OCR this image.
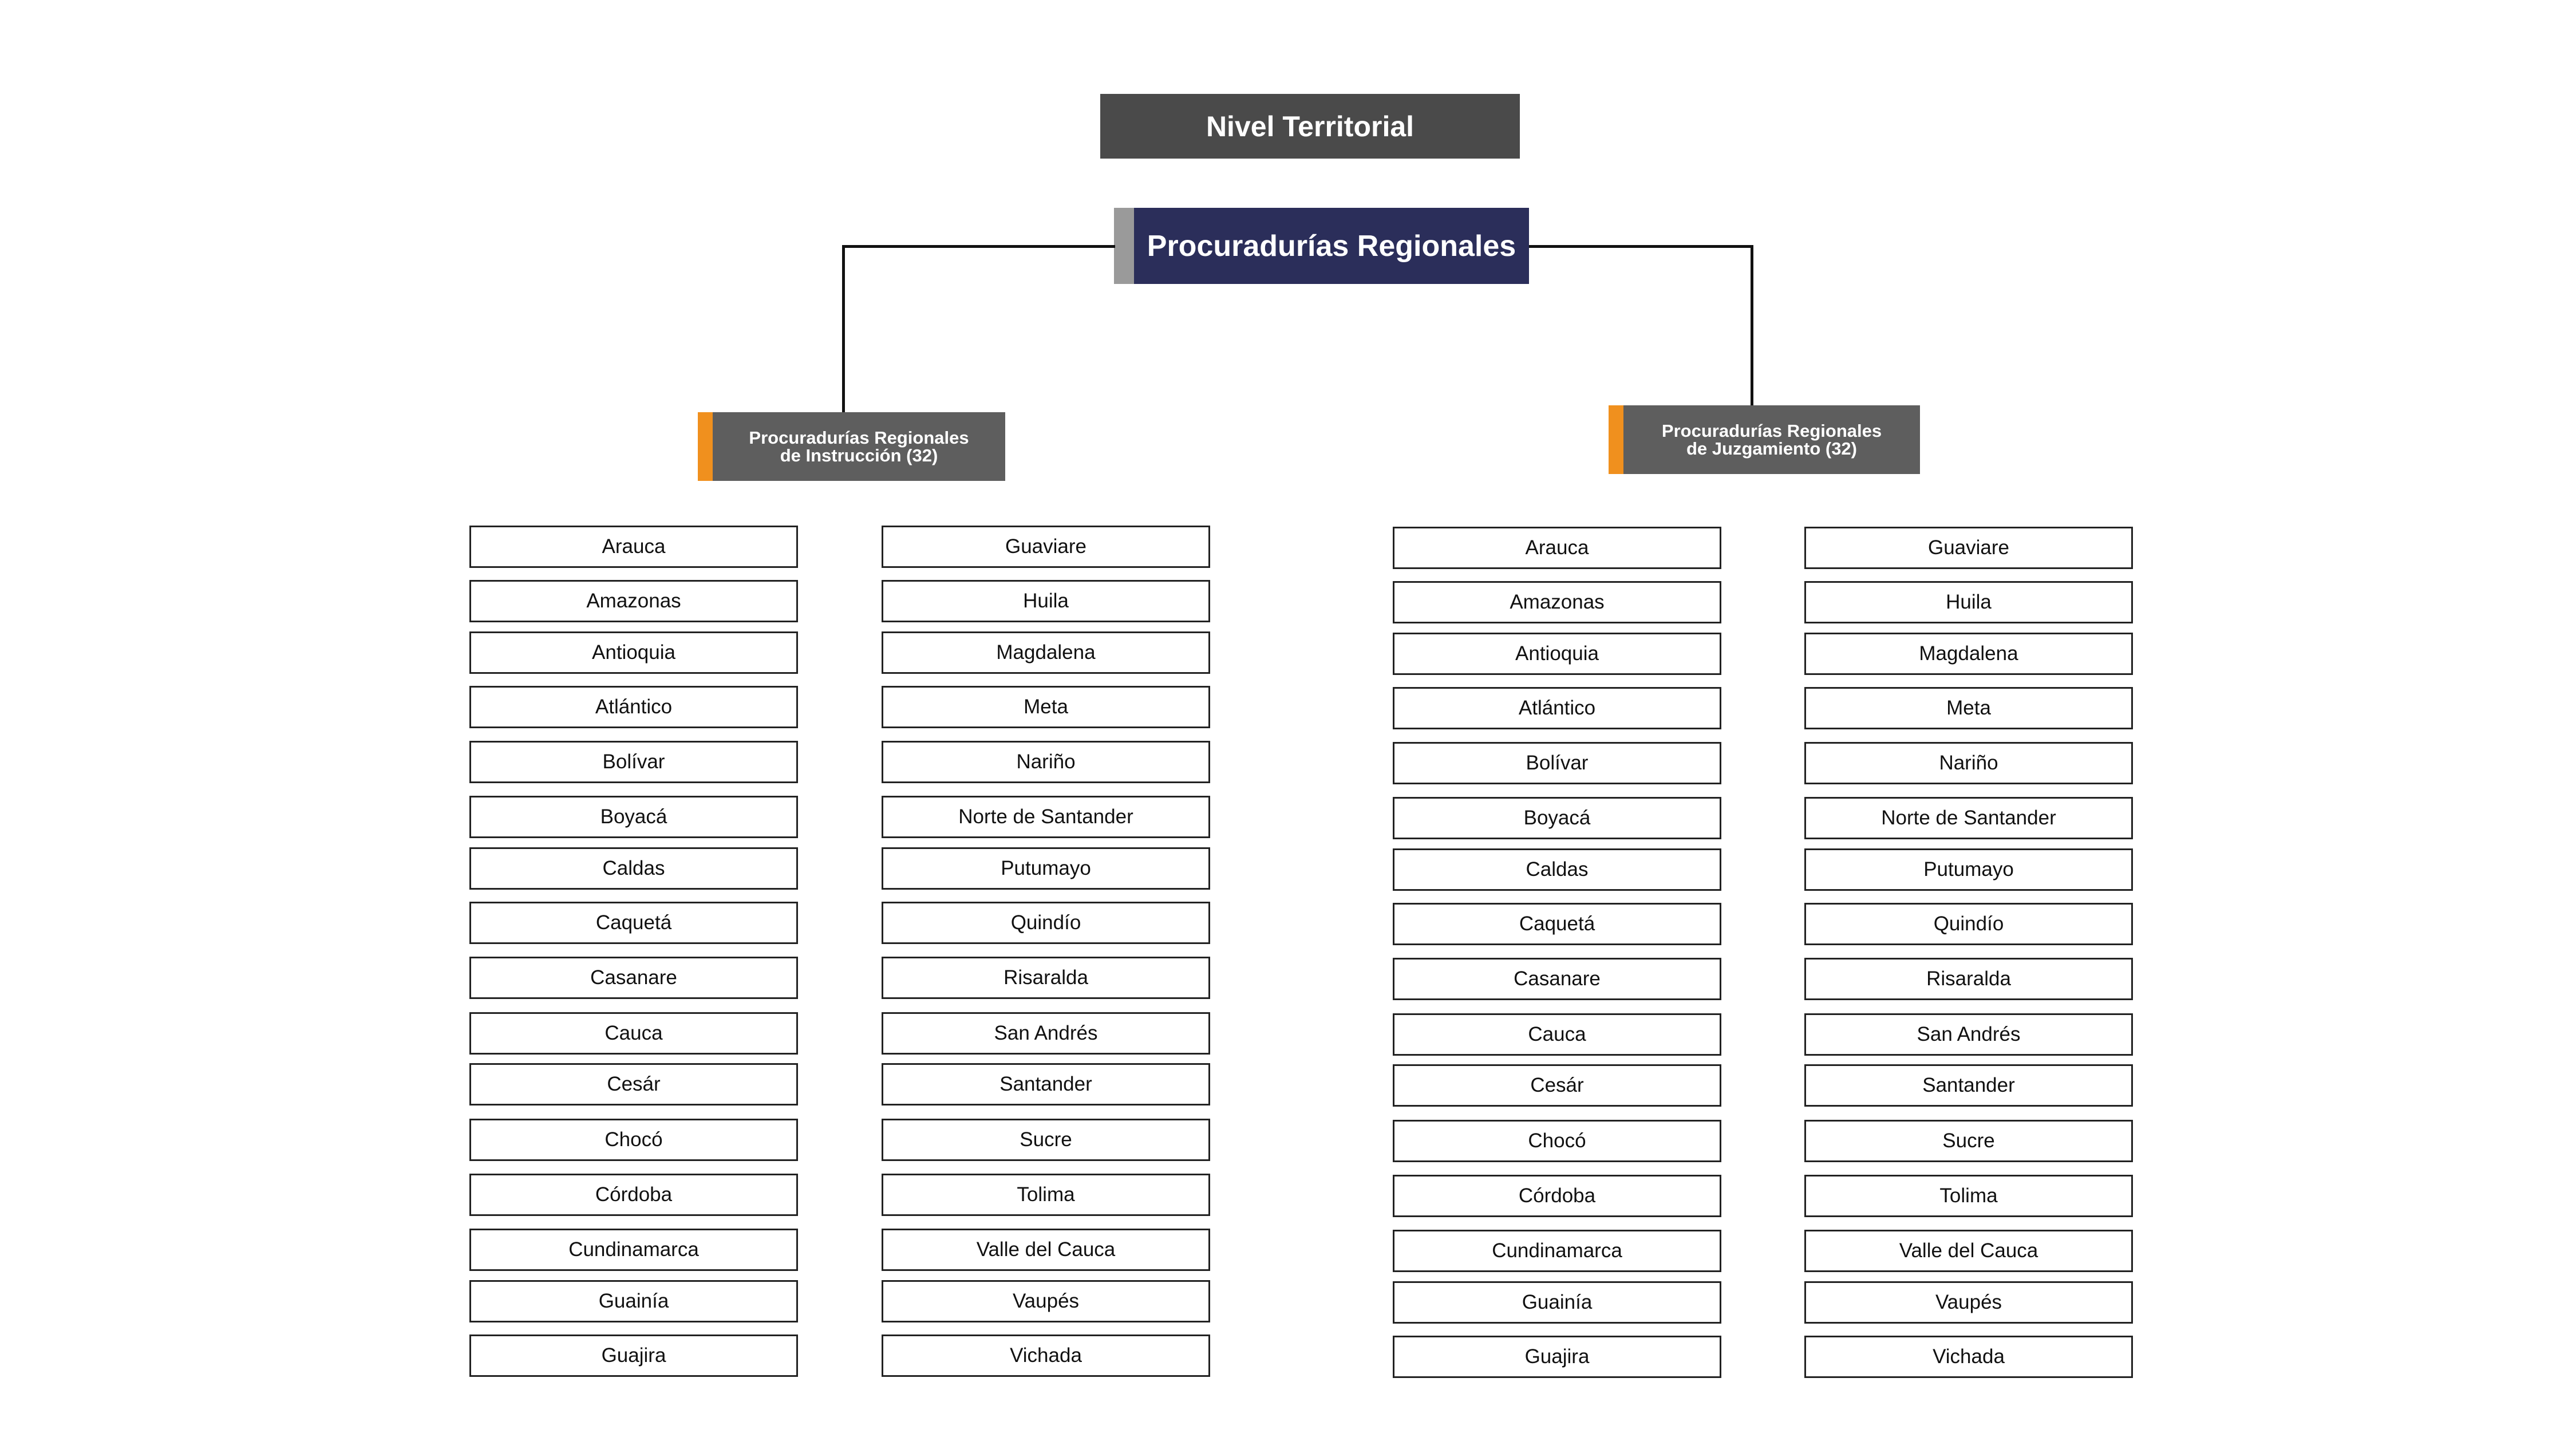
Nivel Territorial
Procuradurías Regionales
Procuradurías Regionales
de Instrucción (32)
Procuradurías Regionales
de Juzgamiento (32)
Arauca
Amazonas
Antioquia
Atlántico
Bolívar
Boyacá
Caldas
Caquetá
Casanare
Cauca
Cesár
Chocó
Córdoba
Cundinamarca
Guainía
Guajira
Guaviare
Huila
Magdalena
Meta
Nariño
Norte de Santander
Putumayo
Quindío
Risaralda
San Andrés
Santander
Sucre
Tolima
Valle del Cauca
Vaupés
Vichada
Arauca
Amazonas
Antioquia
Atlántico
Bolívar
Boyacá
Caldas
Caquetá
Casanare
Cauca
Cesár
Chocó
Córdoba
Cundinamarca
Guainía
Guajira
Guaviare
Huila
Magdalena
Meta
Nariño
Norte de Santander
Putumayo
Quindío
Risaralda
San Andrés
Santander
Sucre
Tolima
Valle del Cauca
Vaupés
Vichada
